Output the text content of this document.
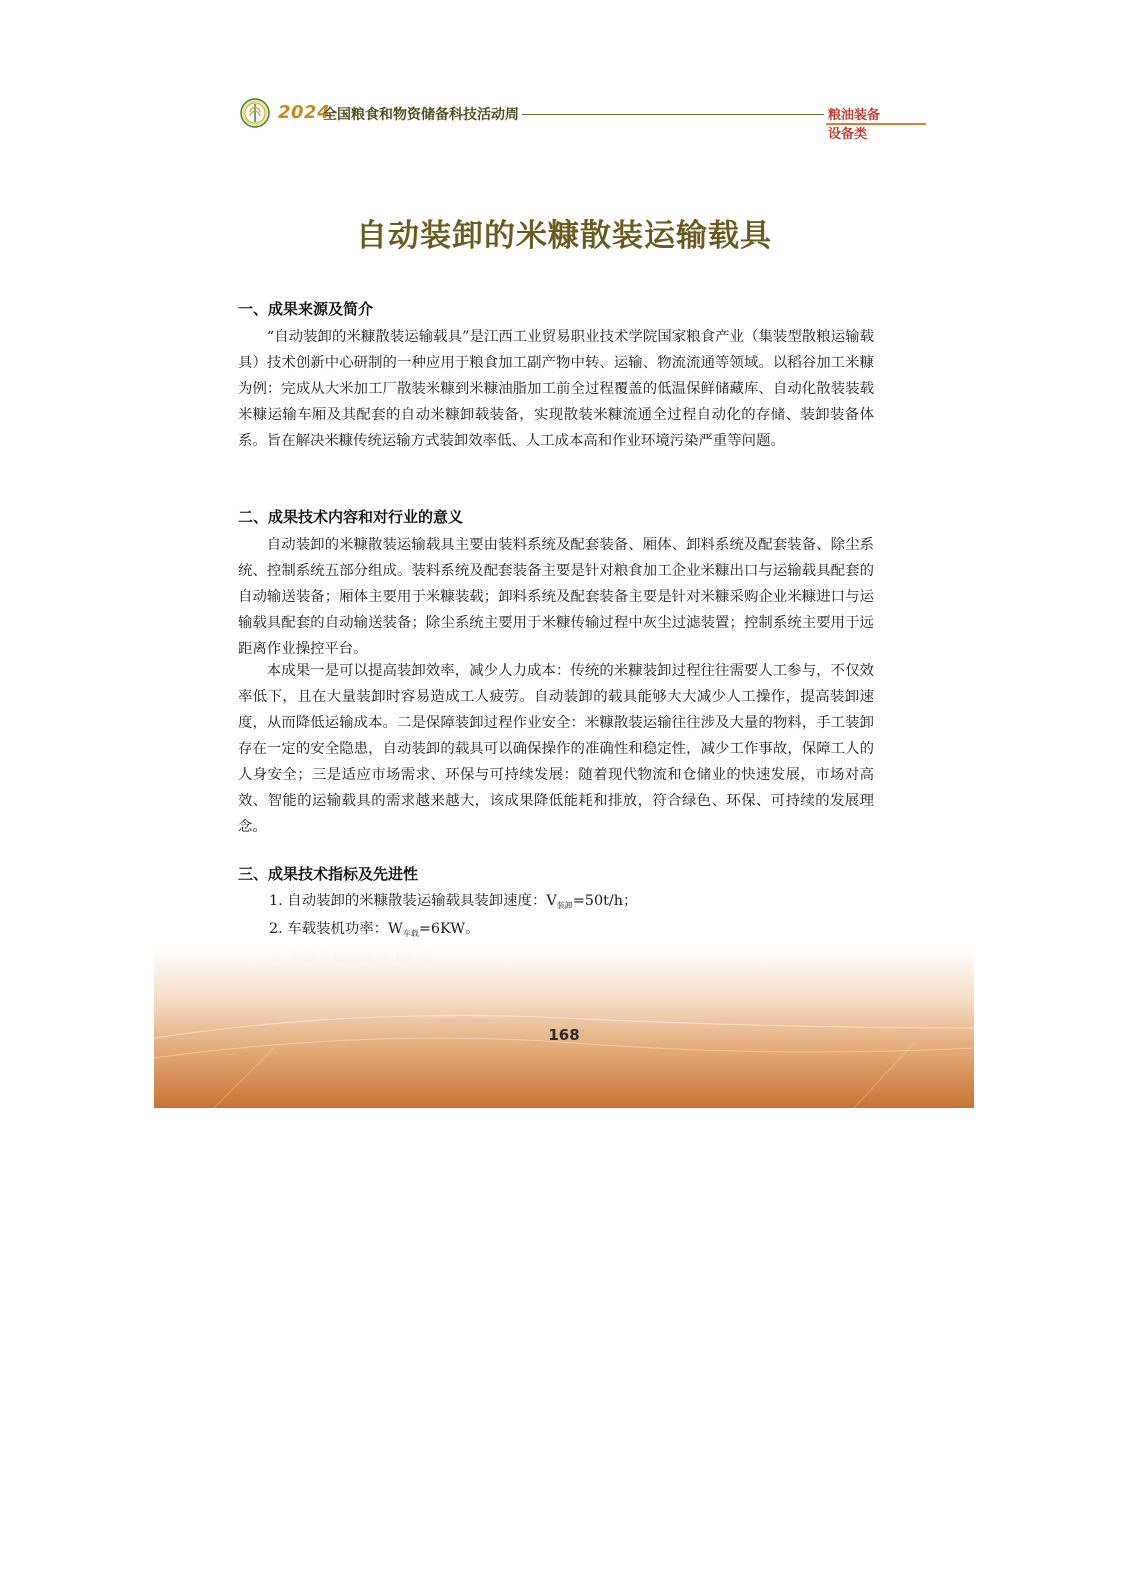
2024
全国粮食和物资储备科技活动周	粮油装备设备类
自动装卸的米糠散装运输载具
一、成果来源及简介

“自动装卸的米糠散装运输载具”是江西工业贸易职业技术学院国家粮食产业（集装型散粮运输载具）技术创新中心研制的一种应用于粮食加工副产物中转、运输、物流流通等领域。以稻谷加工米糠为例：完成从大米加工厂散装米糠到米糠油脂加工前全过程覆盖的低温保鲜储藏库、自动化散装装载米糠运输车厢及其配套的自动米糠卸载装备，实现散装米糠流通全过程自动化的存储、装卸装备体系。旨在解决米糠传统运输方式装卸效率低、人工成本高和作业环境污染严重等问题。

二、成果技术内容和对行业的意义

自动装卸的米糠散装运输载具主要由装料系统及配套装备、厢体、卸料系统及配套装备、除尘系统、控制系统五部分组成。装料系统及配套装备主要是针对粮食加工企业米糠出口与运输载具配套的自动输送装备；厢体主要用于米糠装载；卸料系统及配套装备主要是针对米糠采购企业米糠进口与运输载具配套的自动输送装备；除尘系统主要用于米糠传输过程中灰尘过滤装置；控制系统主要用于远距离作业操控平台。

本成果一是可以提高装卸效率，减少人力成本：传统的米糠装卸过程往往需要人工参与，不仅效率低下，且在大量装卸时容易造成工人疲劳。自动装卸的载具能够大大减少人工操作，提高装卸速度，从而降低运输成本。二是保障装卸过程作业安全：米糠散装运输往往涉及大量的物料，手工装卸存在一定的安全隐患，自动装卸的载具可以确保操作的准确性和稳定性，减少工作事故，保障工人的人身安全；三是适应市场需求、环保与可持续发展：随着现代物流和仓储业的快速发展，市场对高效、智能的运输载具的需求越来越大，该成果降低能耗和排放，符合绿色、环保、可持续的发展理念。

三、成果技术指标及先进性
1. 自动装卸的米糠散装运输载具装卸速度：$V_{装卸}=50t/h$；
2. 车载装机功率：$W_{车载}=6KW$。
168
